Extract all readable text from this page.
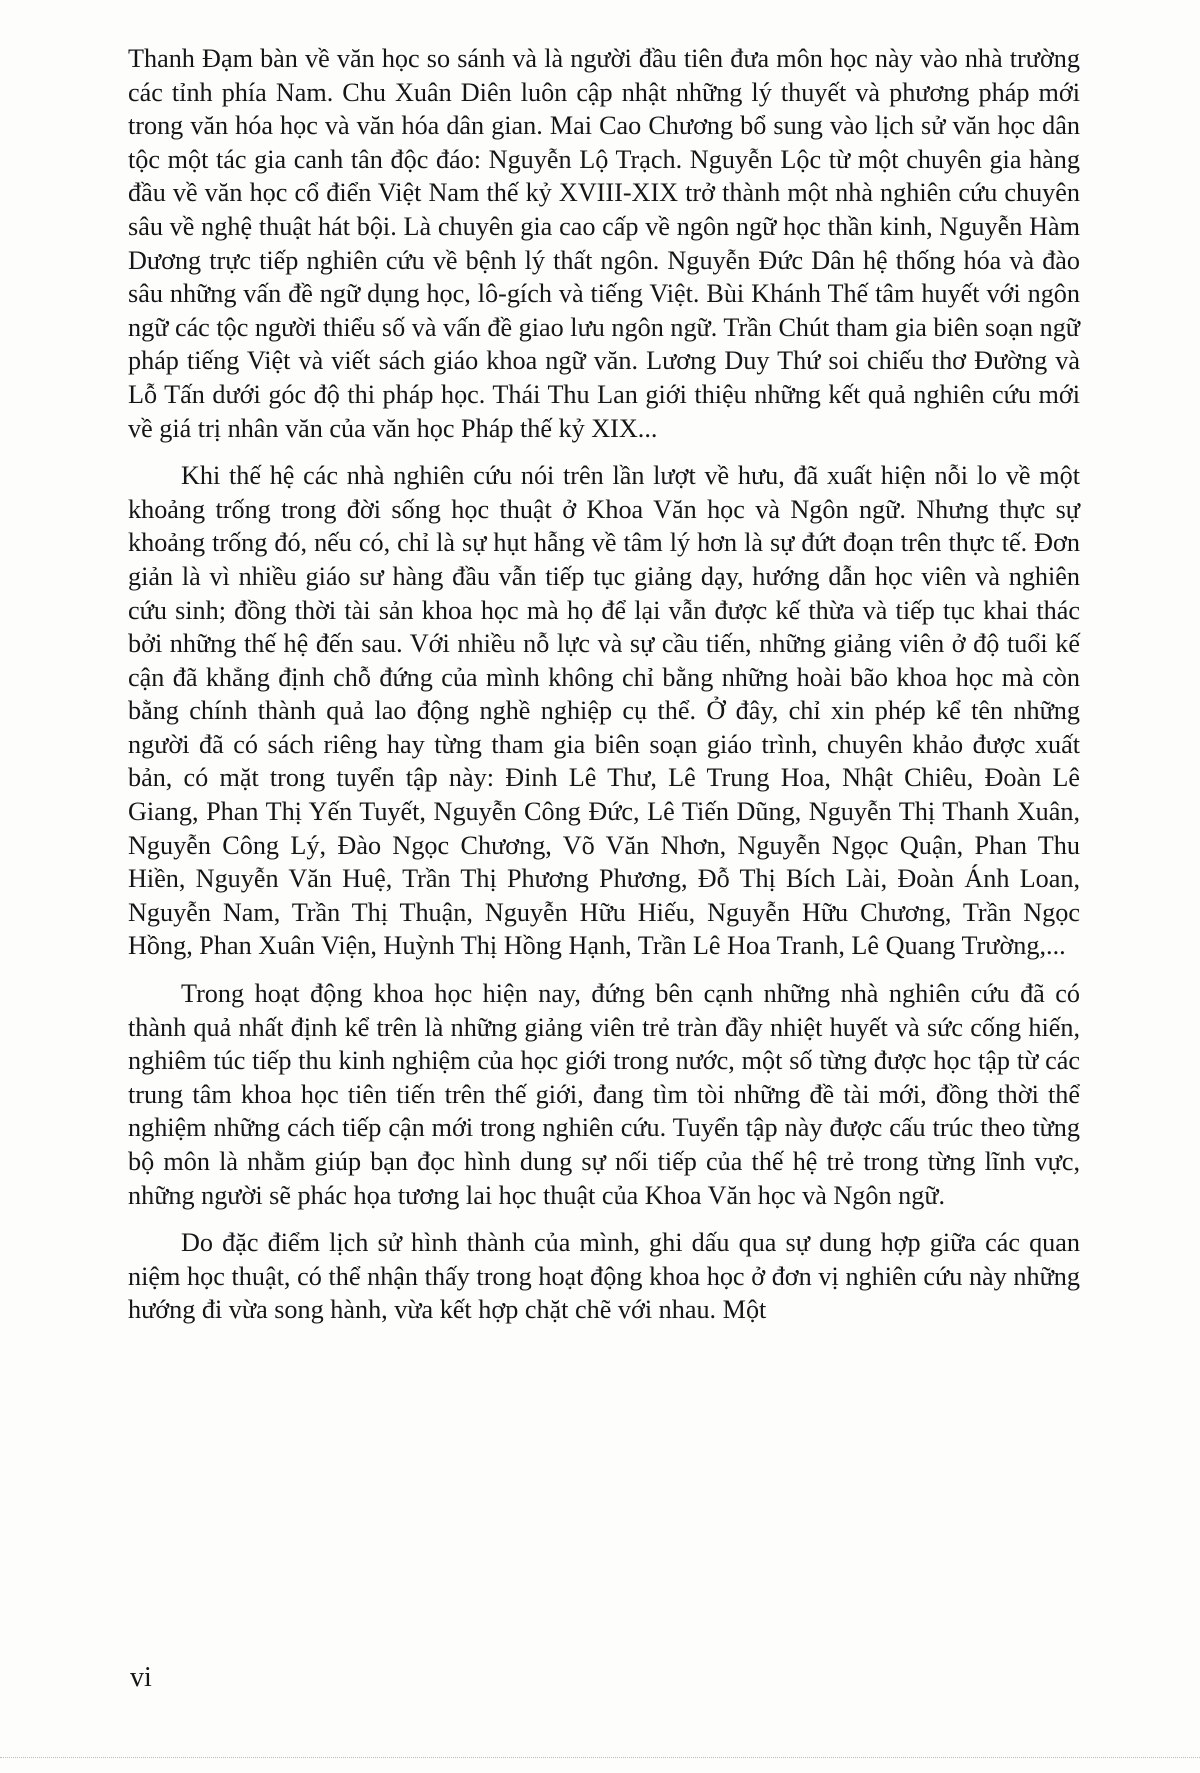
Thanh Đạm bàn về văn học so sánh và là người đầu tiên đưa môn học này vào nhà trường các tỉnh phía Nam. Chu Xuân Diên luôn cập nhật những lý thuyết và phương pháp mới trong văn hóa học và văn hóa dân gian. Mai Cao Chương bổ sung vào lịch sử văn học dân tộc một tác gia canh tân độc đáo: Nguyễn Lộ Trạch. Nguyễn Lộc từ một chuyên gia hàng đầu về văn học cổ điển Việt Nam thế kỷ XVIII-XIX trở thành một nhà nghiên cứu chuyên sâu về nghệ thuật hát bội. Là chuyên gia cao cấp về ngôn ngữ học thần kinh, Nguyễn Hàm Dương trực tiếp nghiên cứu về bệnh lý thất ngôn. Nguyễn Đức Dân hệ thống hóa và đào sâu những vấn đề ngữ dụng học, lô-gích và tiếng Việt. Bùi Khánh Thế tâm huyết với ngôn ngữ các tộc người thiểu số và vấn đề giao lưu ngôn ngữ. Trần Chút tham gia biên soạn ngữ pháp tiếng Việt và viết sách giáo khoa ngữ văn. Lương Duy Thứ soi chiếu thơ Đường và Lỗ Tấn dưới góc độ thi pháp học. Thái Thu Lan giới thiệu những kết quả nghiên cứu mới về giá trị nhân văn của văn học Pháp thế kỷ XIX...

Khi thế hệ các nhà nghiên cứu nói trên lần lượt về hưu, đã xuất hiện nỗi lo về một khoảng trống trong đời sống học thuật ở Khoa Văn học và Ngôn ngữ. Nhưng thực sự khoảng trống đó, nếu có, chỉ là sự hụt hẫng về tâm lý hơn là sự đứt đoạn trên thực tế. Đơn giản là vì nhiều giáo sư hàng đầu vẫn tiếp tục giảng dạy, hướng dẫn học viên và nghiên cứu sinh; đồng thời tài sản khoa học mà họ để lại vẫn được kế thừa và tiếp tục khai thác bởi những thế hệ đến sau. Với nhiều nỗ lực và sự cầu tiến, những giảng viên ở độ tuổi kế cận đã khẳng định chỗ đứng của mình không chỉ bằng những hoài bão khoa học mà còn bằng chính thành quả lao động nghề nghiệp cụ thể. Ở đây, chỉ xin phép kể tên những người đã có sách riêng hay từng tham gia biên soạn giáo trình, chuyên khảo được xuất bản, có mặt trong tuyển tập này: Đinh Lê Thư, Lê Trung Hoa, Nhật Chiêu, Đoàn Lê Giang, Phan Thị Yến Tuyết, Nguyễn Công Đức, Lê Tiến Dũng, Nguyễn Thị Thanh Xuân, Nguyễn Công Lý, Đào Ngọc Chương, Võ Văn Nhơn, Nguyễn Ngọc Quận, Phan Thu Hiền, Nguyễn Văn Huệ, Trần Thị Phương Phương, Đỗ Thị Bích Lài, Đoàn Ánh Loan, Nguyễn Nam, Trần Thị Thuận, Nguyễn Hữu Hiếu, Nguyễn Hữu Chương, Trần Ngọc Hồng, Phan Xuân Viện, Huỳnh Thị Hồng Hạnh, Trần Lê Hoa Tranh, Lê Quang Trường,...

Trong hoạt động khoa học hiện nay, đứng bên cạnh những nhà nghiên cứu đã có thành quả nhất định kể trên là những giảng viên trẻ tràn đầy nhiệt huyết và sức cống hiến, nghiêm túc tiếp thu kinh nghiệm của học giới trong nước, một số từng được học tập từ các trung tâm khoa học tiên tiến trên thế giới, đang tìm tòi những đề tài mới, đồng thời thể nghiệm những cách tiếp cận mới trong nghiên cứu. Tuyển tập này được cấu trúc theo từng bộ môn là nhằm giúp bạn đọc hình dung sự nối tiếp của thế hệ trẻ trong từng lĩnh vực, những người sẽ phác họa tương lai học thuật của Khoa Văn học và Ngôn ngữ.

Do đặc điểm lịch sử hình thành của mình, ghi dấu qua sự dung hợp giữa các quan niệm học thuật, có thể nhận thấy trong hoạt động khoa học ở đơn vị nghiên cứu này những hướng đi vừa song hành, vừa kết hợp chặt chẽ với nhau. Một

vi
